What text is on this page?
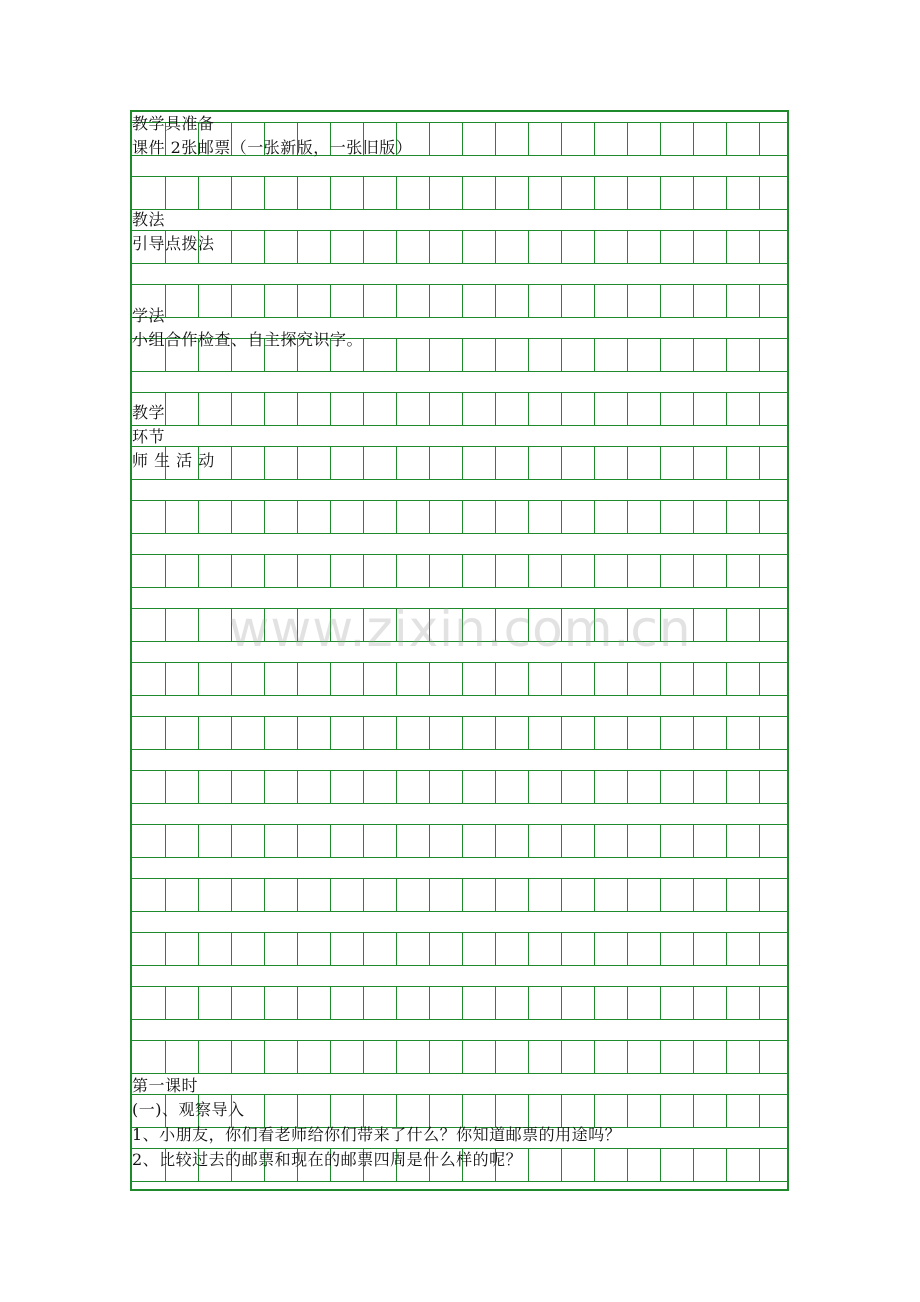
教学具准备
课件 2张邮票（一张新版，一张旧版）
教法
引导点拨法
学法
小组合作检查、自主探究识字。
教学
环节
师 生 活 动
第一课时
(一)、观察导入
1、小朋友，你们看老师给你们带来了什么？你知道邮票的用途吗？
2、比较过去的邮票和现在的邮票四周是什么样的呢？
www.zixin.com.cn
